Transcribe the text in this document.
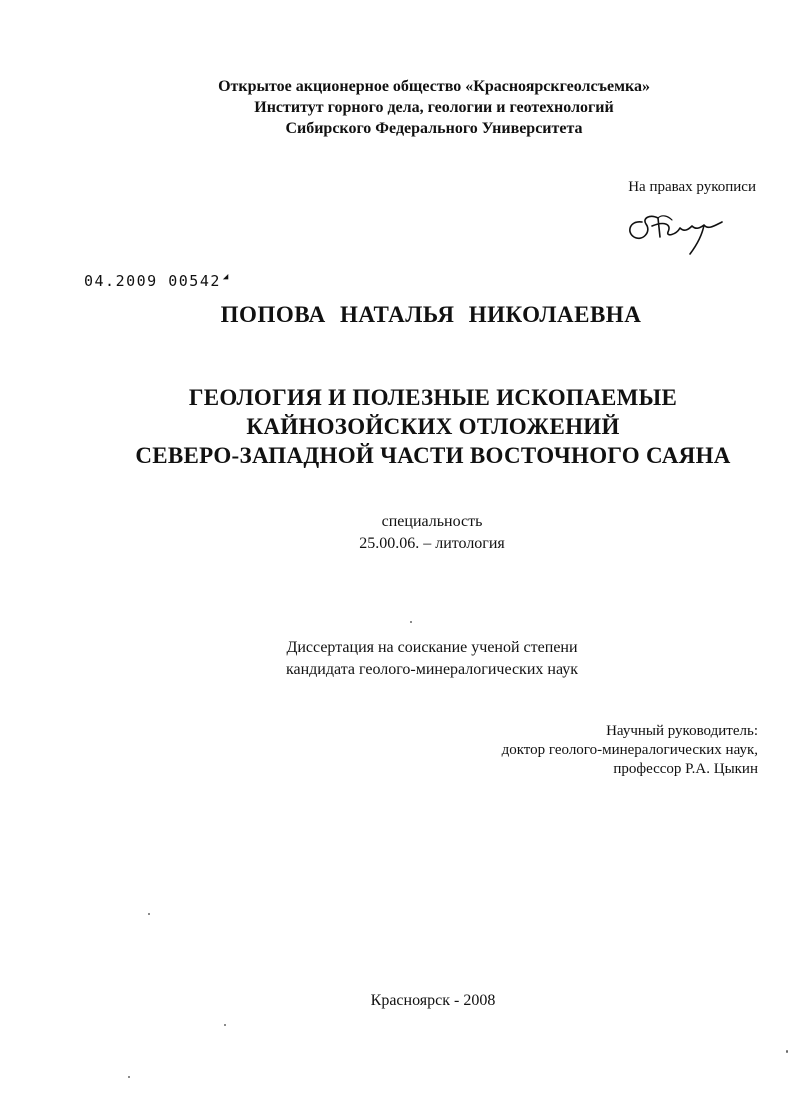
Открытое акционерное общество «Красноярскгеолсъемка»
Институт горного дела, геологии и геотехнологий
Сибирского Федерального Университета
На правах рукописи
04.2009 00542 ◢
ПОПОВА НАТАЛЬЯ НИКОЛАЕВНА
ГЕОЛОГИЯ И ПОЛЕЗНЫЕ ИСКОПАЕМЫЕ
КАЙНОЗОЙСКИХ ОТЛОЖЕНИЙ
СЕВЕРО-ЗАПАДНОЙ ЧАСТИ ВОСТОЧНОГО САЯНА
специальность
25.00.06. – литология
Диссертация на соискание ученой степени
кандидата геолого-минералогических наук
Научный руководитель:
доктор геолого-минералогических наук,
профессор Р.А. Цыкин
Красноярск - 2008
